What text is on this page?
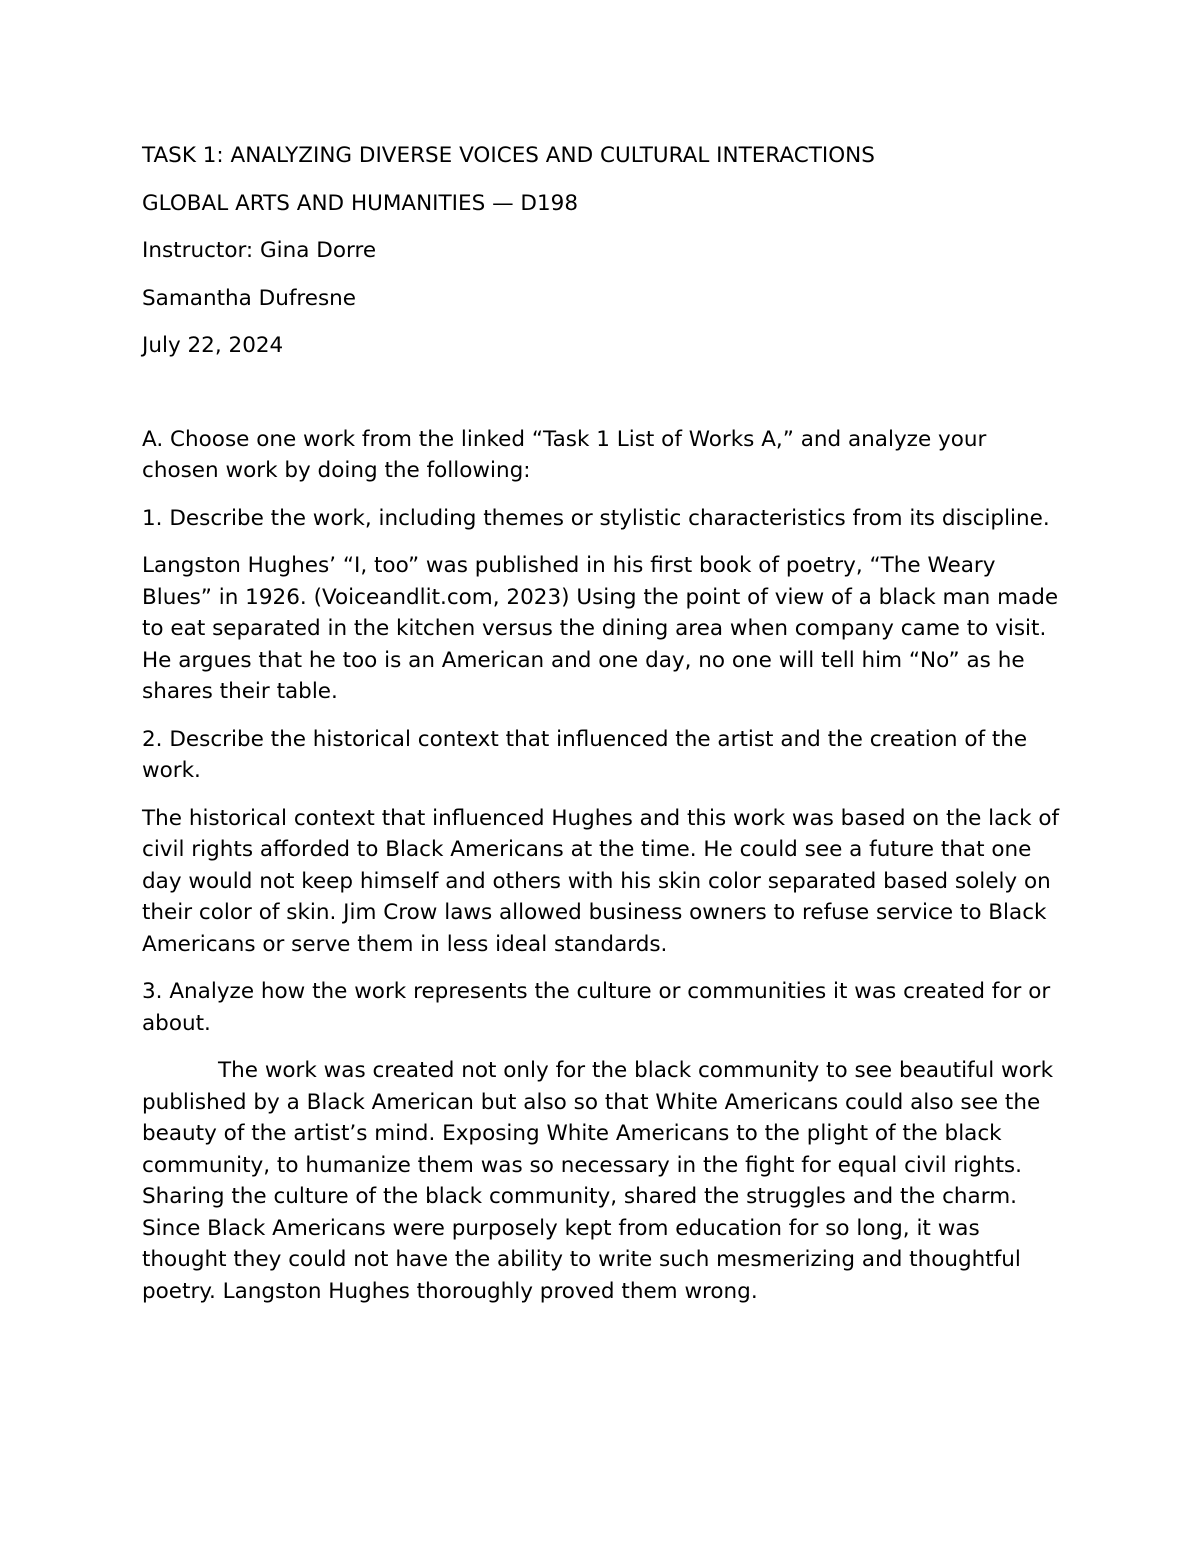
TASK 1: ANALYZING DIVERSE VOICES AND CULTURAL INTERACTIONS
GLOBAL ARTS AND HUMANITIES — D198
Instructor: Gina Dorre
Samantha Dufresne
July 22, 2024

A. Choose one work from the linked “Task 1 List of Works A,” and analyze your chosen work by doing the following:

1. Describe the work, including themes or stylistic characteristics from its discipline.

Langston Hughes’ “I, too” was published in his first book of poetry, “The Weary Blues” in 1926. (Voiceandlit.com, 2023) Using the point of view of a black man made to eat separated in the kitchen versus the dining area when company came to visit. He argues that he too is an American and one day, no one will tell him “No” as he shares their table.

2. Describe the historical context that influenced the artist and the creation of the work.

The historical context that influenced Hughes and this work was based on the lack of civil rights afforded to Black Americans at the time. He could see a future that one day would not keep himself and others with his skin color separated based solely on their color of skin. Jim Crow laws allowed business owners to refuse service to Black Americans or serve them in less ideal standards.

3. Analyze how the work represents the culture or communities it was created for or about.

The work was created not only for the black community to see beautiful work published by a Black American but also so that White Americans could also see the beauty of the artist’s mind. Exposing White Americans to the plight of the black community, to humanize them was so necessary in the fight for equal civil rights. Sharing the culture of the black community, shared the struggles and the charm. Since Black Americans were purposely kept from education for so long, it was thought they could not have the ability to write such mesmerizing and thoughtful poetry. Langston Hughes thoroughly proved them wrong.
